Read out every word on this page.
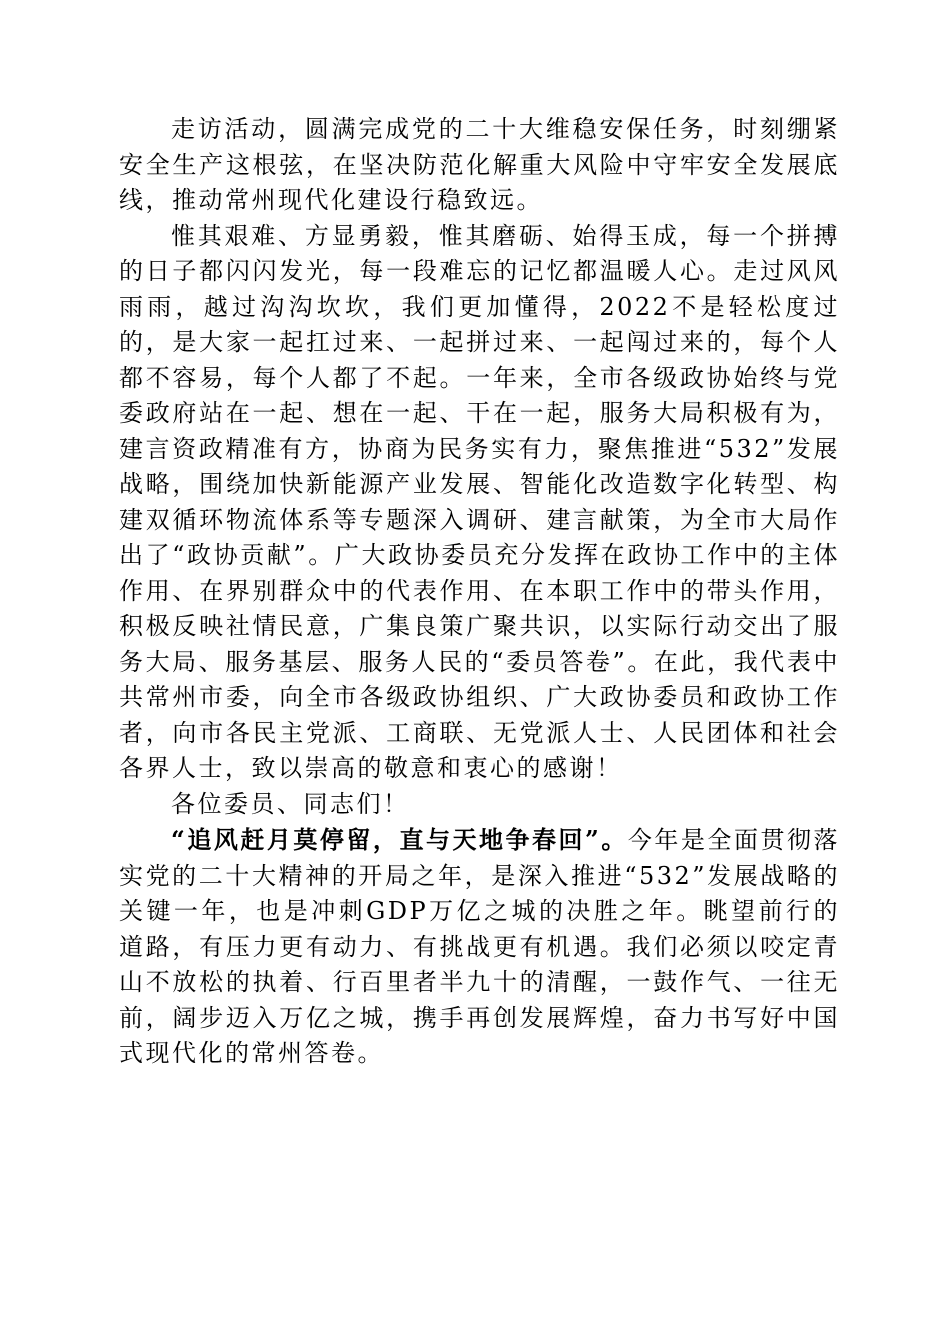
走访活动，圆满完成党的二十大维稳安保任务，时刻绷紧安全生产这根弦，在坚决防范化解重大风险中守牢安全发展底线，推动常州现代化建设行稳致远。

惟其艰难、方显勇毅，惟其磨砺、始得玉成，每一个拼搏的日子都闪闪发光，每一段难忘的记忆都温暖人心。走过风风雨雨，越过沟沟坎坎，我们更加懂得，2022不是轻松度过的，是大家一起扛过来、一起拼过来、一起闯过来的，每个人都不容易，每个人都了不起。一年来，全市各级政协始终与党委政府站在一起、想在一起、干在一起，服务大局积极有为，建言资政精准有方，协商为民务实有力，聚焦推进“532”发展战略，围绕加快新能源产业发展、智能化改造数字化转型、构建双循环物流体系等专题深入调研、建言献策，为全市大局作出了“政协贡献”。广大政协委员充分发挥在政协工作中的主体作用、在界别群众中的代表作用、在本职工作中的带头作用，积极反映社情民意，广集良策广聚共识，以实际行动交出了服务大局、服务基层、服务人民的“委员答卷”。在此，我代表中共常州市委，向全市各级政协组织、广大政协委员和政协工作者，向市各民主党派、工商联、无党派人士、人民团体和社会各界人士，致以崇高的敬意和衷心的感谢！

各位委员、同志们！

“追风赶月莫停留，直与天地争春回”。今年是全面贯彻落实党的二十大精神的开局之年，是深入推进“532”发展战略的关键一年，也是冲刺GDP万亿之城的决胜之年。眺望前行的道路，有压力更有动力、有挑战更有机遇。我们必须以咬定青山不放松的执着、行百里者半九十的清醒，一鼓作气、一往无前，阔步迈入万亿之城，携手再创发展辉煌，奋力书写好中国式现代化的常州答卷。
